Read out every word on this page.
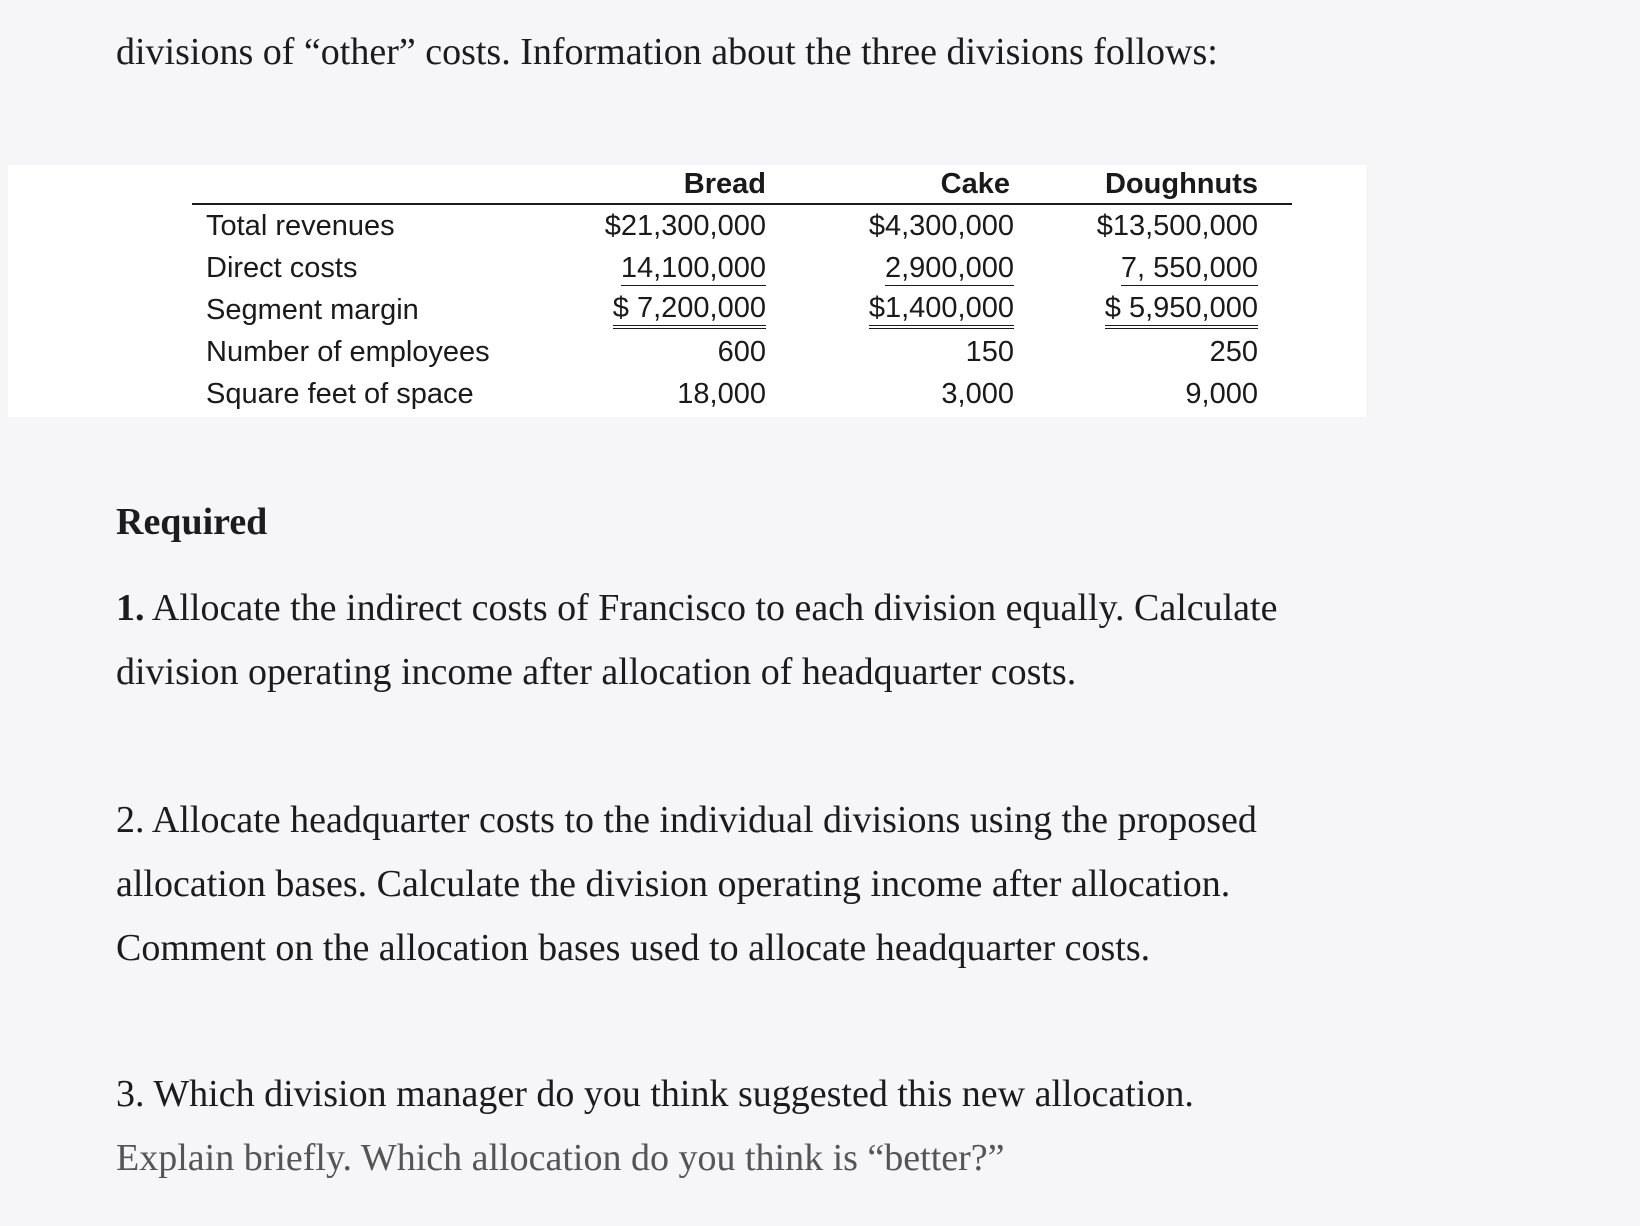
divisions of “other” costs. Information about the three divisions follows:
	Bread	Cake	Doughnuts
Total revenues	$21,300,000	$4,300,000	$13,500,000
Direct costs	14,100,000	2,900,000	7, 550,000
Segment margin	$ 7,200,000	$1,400,000	$ 5,950,000
Number of employees	600	150	250
Square feet of space	18,000	3,000	9,000
Required
1. Allocate the indirect costs of Francisco to each division equally. Calculate division operating income after allocation of headquarter costs.
2. Allocate headquarter costs to the individual divisions using the proposed allocation bases. Calculate the division operating income after allocation. Comment on the allocation bases used to allocate headquarter costs.
3. Which division manager do you think suggested this new allocation.
Explain briefly. Which allocation do you think is “better?”
